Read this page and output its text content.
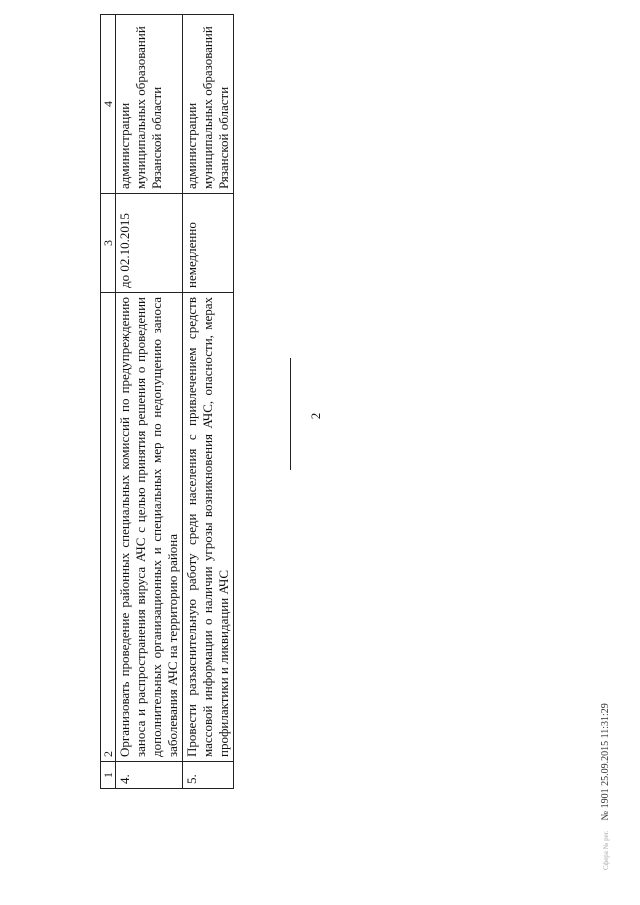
2
1	2	3	4
4.	Организовать проведение районных специальных комиссий по предупреждению заноса и распространения вируса АЧС с целью принятия решения о проведении дополнительных организационных и специальных мер по недопущению заноса заболевания АЧС на территорию района	до 02.10.2015	администрации муниципальных образований Рязанской области
5.	Провести разъяснительную работу среди населения с привлечением средств массовой информации о наличии угрозы возникновения АЧС, опасности, мерах профилактики и ликвидации АЧС	немедленно	администрации муниципальных образований Рязанской области
Сфера № рег.№ 1901 25.09.2015 11:31:29
